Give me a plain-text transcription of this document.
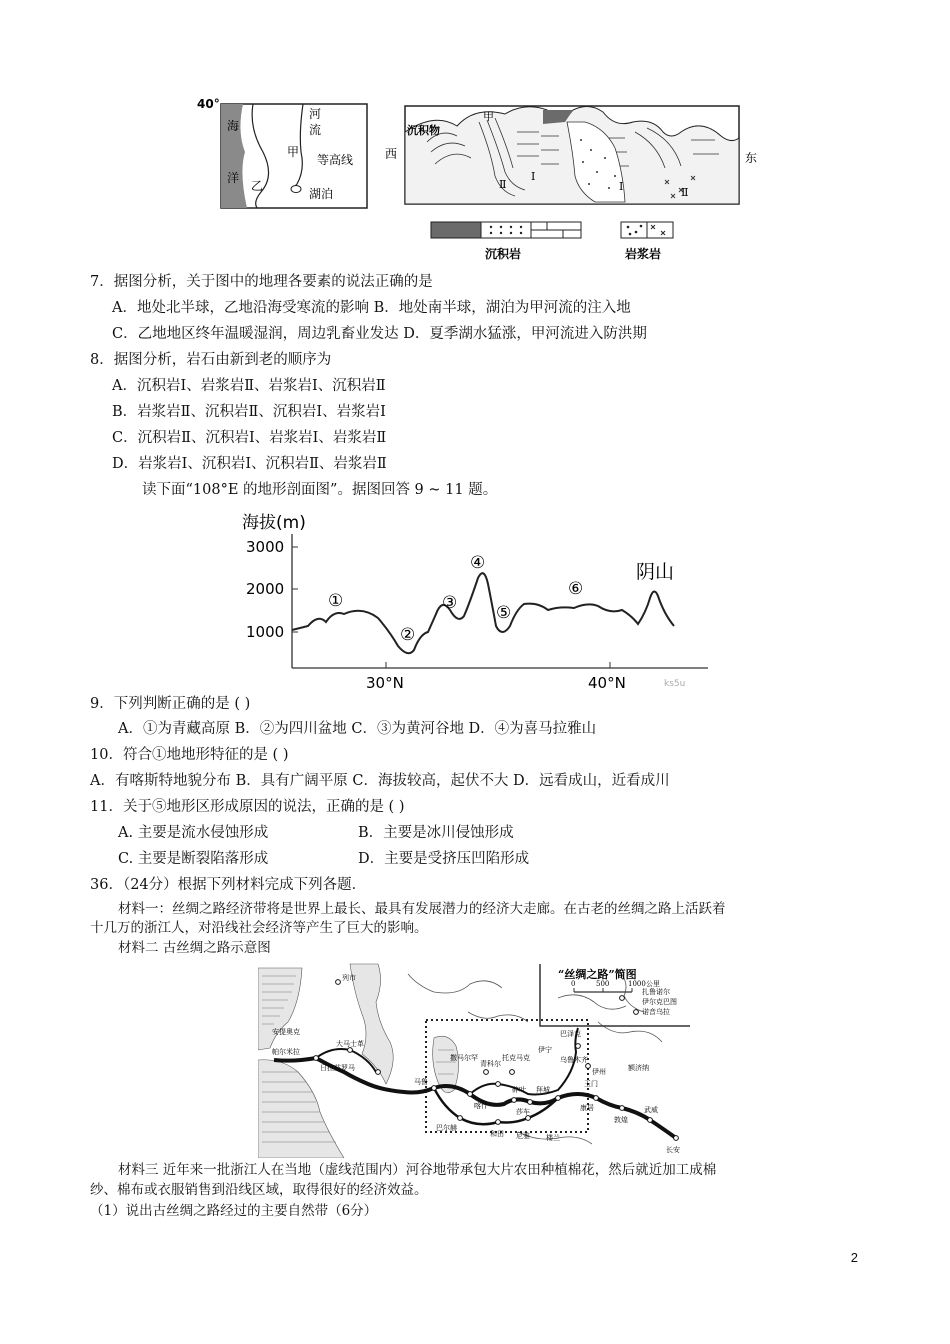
40°
海
洋
乙
甲
河
流
等高线
湖泊
西	东
甲
沉积物
Ⅰ
Ⅱ	Ⅰ	Ⅱ
沉积岩	岩浆岩
7．据图分析，关于图中的地理各要素的说法正确的是
A．地处北半球，乙地沿海受寒流的影响 B．地处南半球，湖泊为甲河流的注入地
C．乙地地区终年温暖湿润，周边乳畜业发达 D．夏季湖水猛涨，甲河流进入防洪期
8．据图分析，岩石由新到老的顺序为
A．沉积岩Ⅰ、岩浆岩Ⅱ、岩浆岩Ⅰ、沉积岩Ⅱ
B．岩浆岩Ⅱ、沉积岩Ⅱ、沉积岩Ⅰ、岩浆岩Ⅰ
C．沉积岩Ⅱ、沉积岩Ⅰ、岩浆岩Ⅰ、岩浆岩Ⅱ
D．岩浆岩Ⅰ、沉积岩Ⅰ、沉积岩Ⅱ、岩浆岩Ⅱ
读下面“108°E 的地形剖面图”。据图回答 9 ~ 11 题。
海拔(m)
3000
2000
1000
①
②
③
④
⑤
⑥
阴山
30°N	40°N	ks5u
9．下列判断正确的是 ( )
A．①为青藏高原 B．②为四川盆地 C．③为黄河谷地 D．④为喜马拉雅山
10．符合①地地形特征的是 ( )
A．有喀斯特地貌分布 B．具有广阔平原 C．海拔较高，起伏不大 D．远看成山，近看成川
11．关于⑤地形区形成原因的说法，正确的是 ( )
A. 主要是流水侵蚀形成	B．主要是冰川侵蚀形成
C. 主要是断裂陷落形成	D．主要是受挤压凹陷形成
36．（24分）根据下列材料完成下列各题．
材料一：丝绸之路经济带将是世界上最长、最具有发展潜力的经济大走廊。在古老的丝绸之路上活跃着
十几万的浙江人，对沿线社会经济等产生了巨大的影响。
材料二 古丝绸之路示意图
“丝绸之路”简图
0	500	1000公里
列市
安提奥克
帕尔米拉
日拉兹罗马
大马士革
马鲁
撒马尔罕
青科尔
托克马克
伊宁
乌鲁木齐
巴泽克
伊州
敦煌
碎叶 拜城
莎车
喀什
和田 尼雅 楼兰
武威
长安
巴尔赫
扎鲁诺尔
伊尔克巴图
诺音乌拉
额济纳
玉门
康居
材料三 近年来一批浙江人在当地（虚线范围内）河谷地带承包大片农田种植棉花，然后就近加工成棉
纱、棉布或衣服销售到沿线区域，取得很好的经济效益。
（1）说出古丝绸之路经过的主要自然带（6分）
2
